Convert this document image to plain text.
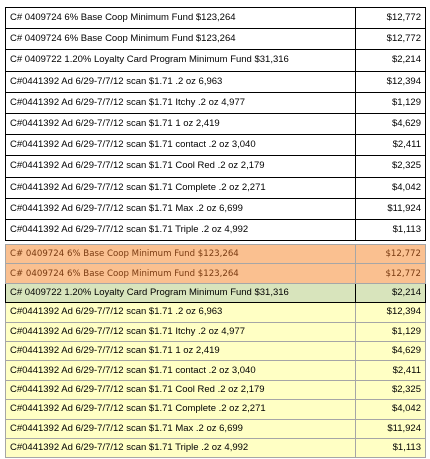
C# 0409724 6% Base Coop Minimum Fund $123,264	$12,772
C# 0409724 6% Base Coop Minimum Fund $123,264	$12,772
C# 0409722 1.20% Loyalty Card Program Minimum Fund $31,316	$2,214
C#0441392 Ad 6/29-7/7/12 scan $1.71 .2 oz 6,963	$12,394
C#0441392 Ad 6/29-7/7/12 scan $1.71 Itchy .2 oz 4,977	$1,129
C#0441392 Ad 6/29-7/7/12 scan $1.71 1 oz 2,419	$4,629
C#0441392 Ad 6/29-7/7/12 scan $1.71 contact .2 oz 3,040	$2,411
C#0441392 Ad 6/29-7/7/12 scan $1.71 Cool Red .2 oz 2,179	$2,325
C#0441392 Ad 6/29-7/7/12 scan $1.71 Complete .2 oz 2,271	$4,042
C#0441392 Ad 6/29-7/7/12 scan $1.71 Max .2 oz 6,699	$11,924
C#0441392 Ad 6/29-7/7/12 scan $1.71 Triple .2 oz 4,992	$1,113
C# 0409724 6% Base Coop Minimum Fund $123,264	$12,772
C# 0409724 6% Base Coop Minimum Fund $123,264	$12,772
C# 0409722 1.20% Loyalty Card Program Minimum Fund $31,316	$2,214
C#0441392 Ad 6/29-7/7/12 scan $1.71 .2 oz 6,963	$12,394
C#0441392 Ad 6/29-7/7/12 scan $1.71 Itchy .2 oz 4,977	$1,129
C#0441392 Ad 6/29-7/7/12 scan $1.71 1 oz 2,419	$4,629
C#0441392 Ad 6/29-7/7/12 scan $1.71 contact .2 oz 3,040	$2,411
C#0441392 Ad 6/29-7/7/12 scan $1.71 Cool Red .2 oz 2,179	$2,325
C#0441392 Ad 6/29-7/7/12 scan $1.71 Complete .2 oz 2,271	$4,042
C#0441392 Ad 6/29-7/7/12 scan $1.71 Max .2 oz 6,699	$11,924
C#0441392 Ad 6/29-7/7/12 scan $1.71 Triple .2 oz 4,992	$1,113
